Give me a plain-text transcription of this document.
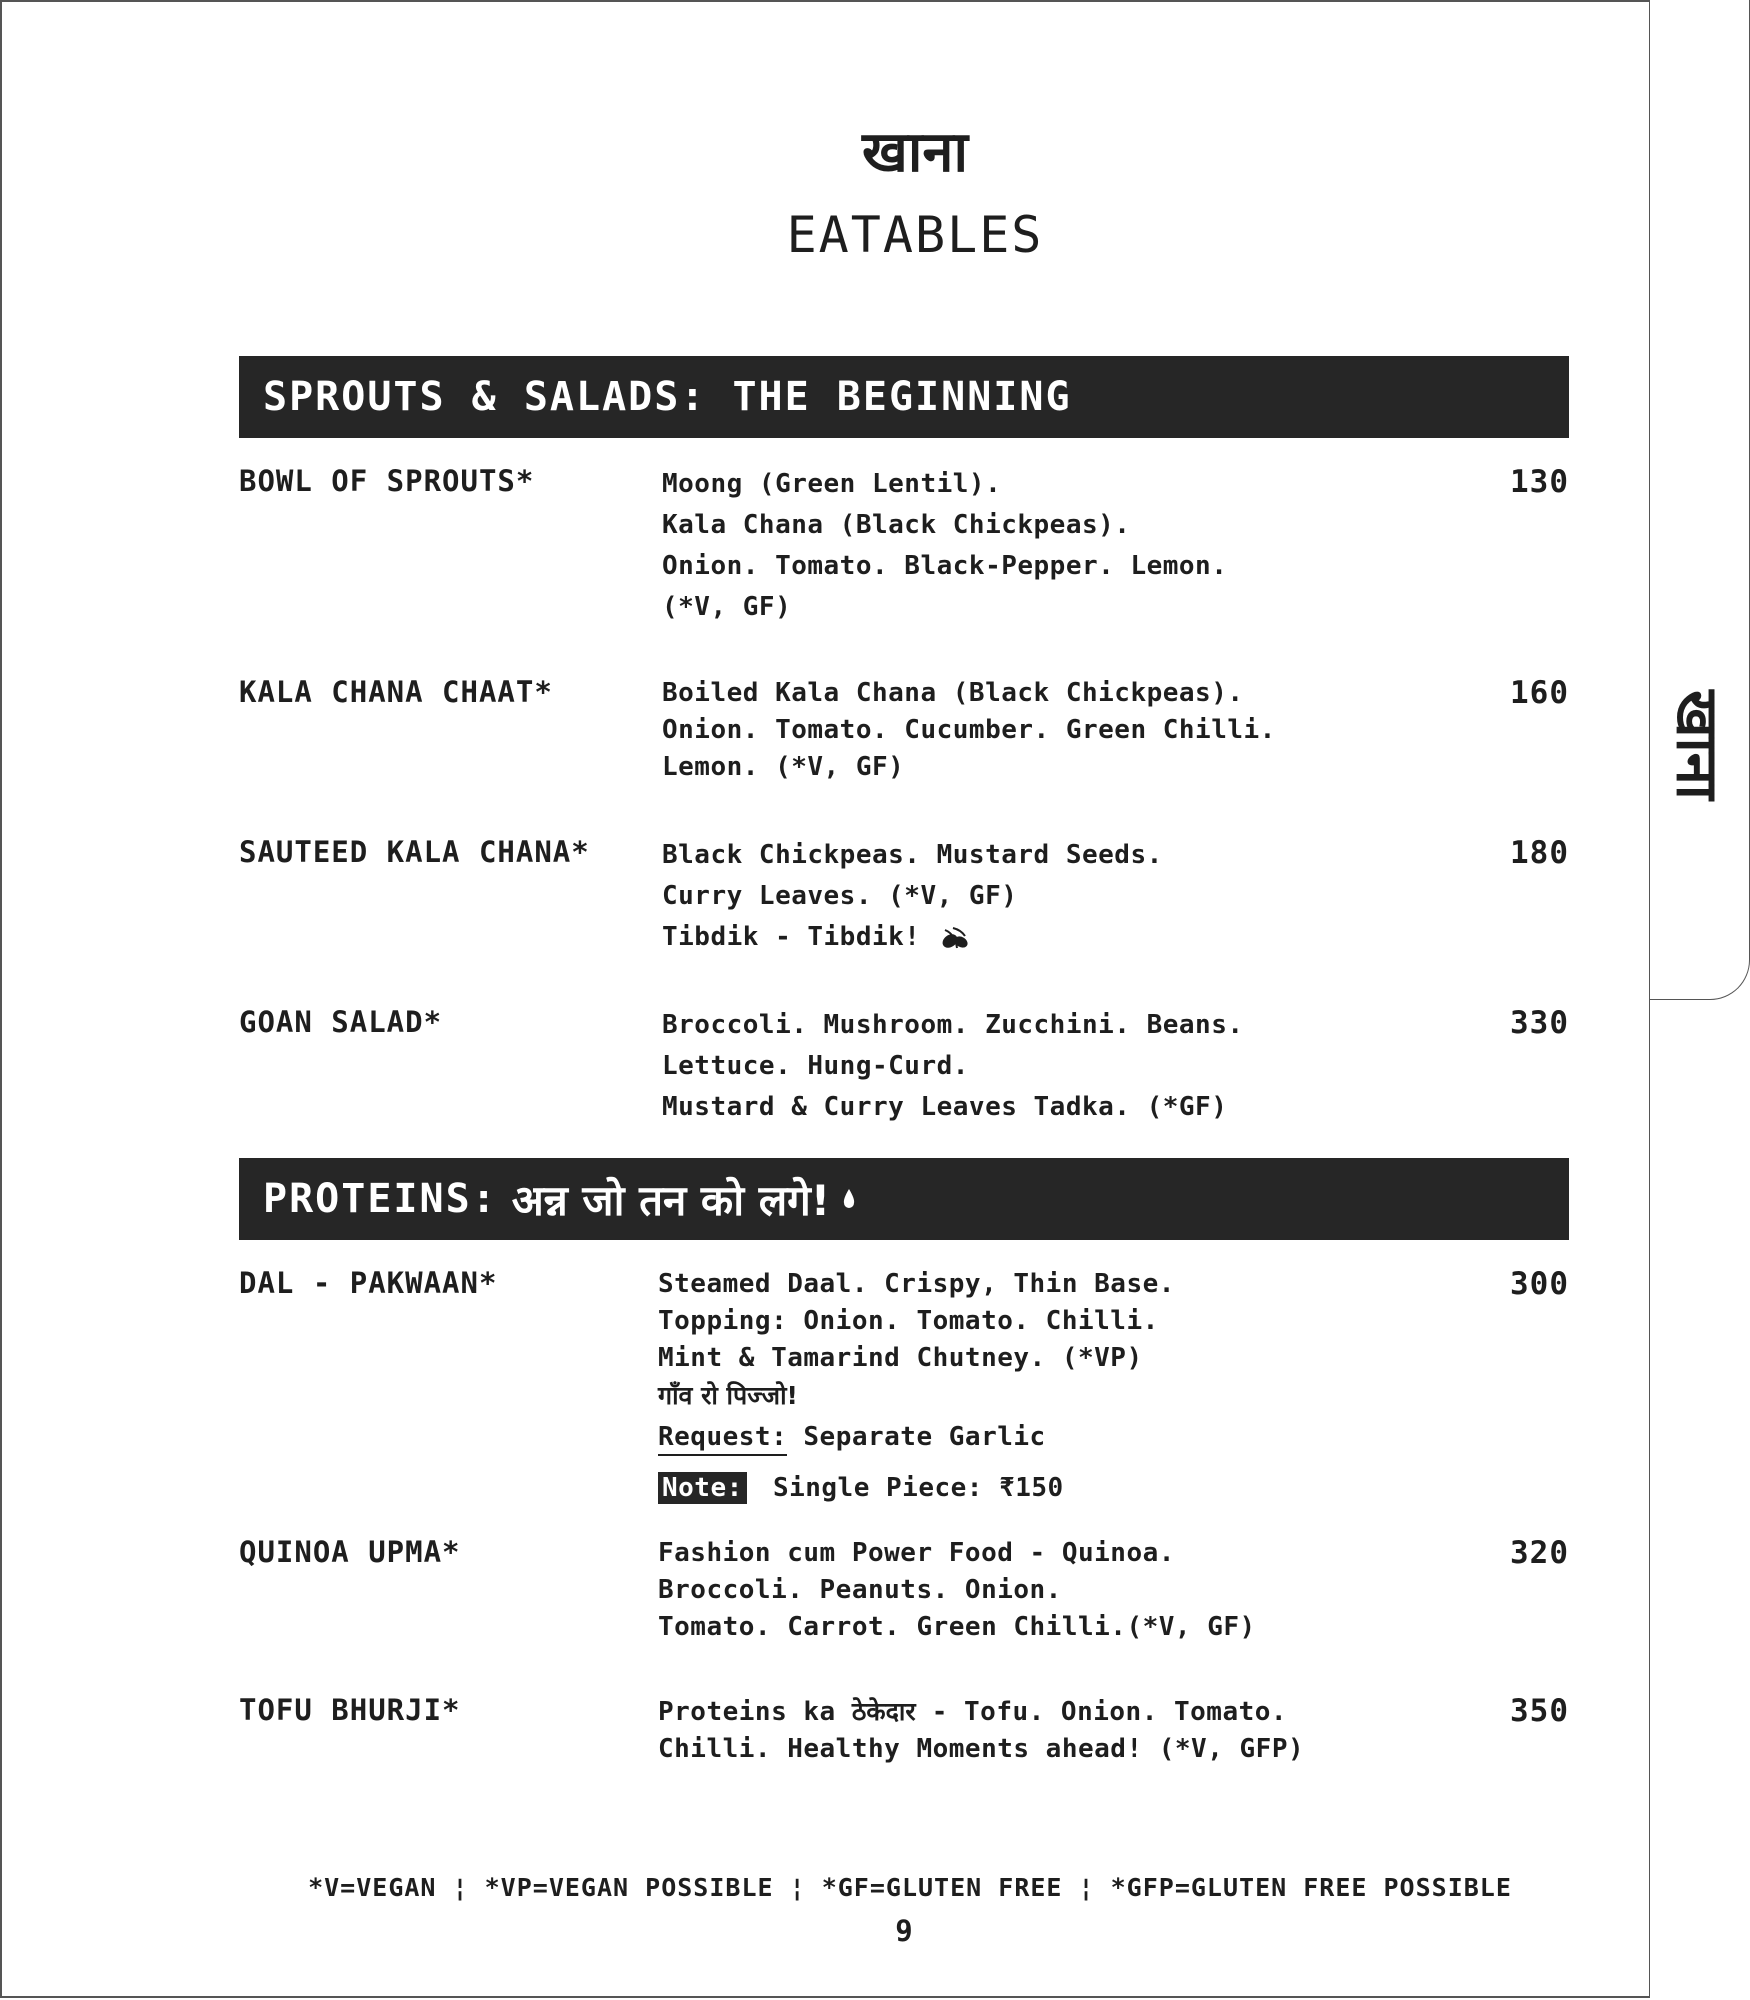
खाना
खाना
EATABLES
SPROUTS & SALADS: THE BEGINNING
BOWL OF SPROUTS*	Moong (Green Lentil).
Kala Chana (Black Chickpeas).
Onion. Tomato. Black-Pepper. Lemon.
(*V, GF)
130
KALA CHANA CHAAT*	Boiled Kala Chana (Black Chickpeas).
Onion. Tomato. Cucumber. Green Chilli.
Lemon. (*V, GF)
160
SAUTEED KALA CHANA*	Black Chickpeas. Mustard Seeds.
Curry Leaves. (*V, GF)
Tibdik - Tibdik!
180
GOAN SALAD*	Broccoli. Mushroom. Zucchini. Beans.
Lettuce. Hung-Curd.
Mustard & Curry Leaves Tadka. (*GF)
330
PROTEINS: अन्न जो तन को लगे!
DAL - PAKWAAN*	Steamed Daal. Crispy, Thin Base.
Topping: Onion. Tomato. Chilli.
Mint & Tamarind Chutney. (*VP)
गाँव रो पिज्जो!
Request: Separate Garlic
Note: Single Piece: ₹150
300
QUINOA UPMA*	Fashion cum Power Food - Quinoa.
Broccoli. Peanuts. Onion.
Tomato. Carrot. Green Chilli.(*V, GF)
320
TOFU BHURJI*	Proteins ka ठेकेदार - Tofu. Onion. Tomato.
Chilli. Healthy Moments ahead! (*V, GFP)
350
*V=VEGAN ¦ *VP=VEGAN POSSIBLE ¦ *GF=GLUTEN FREE ¦ *GFP=GLUTEN FREE POSSIBLE
9
